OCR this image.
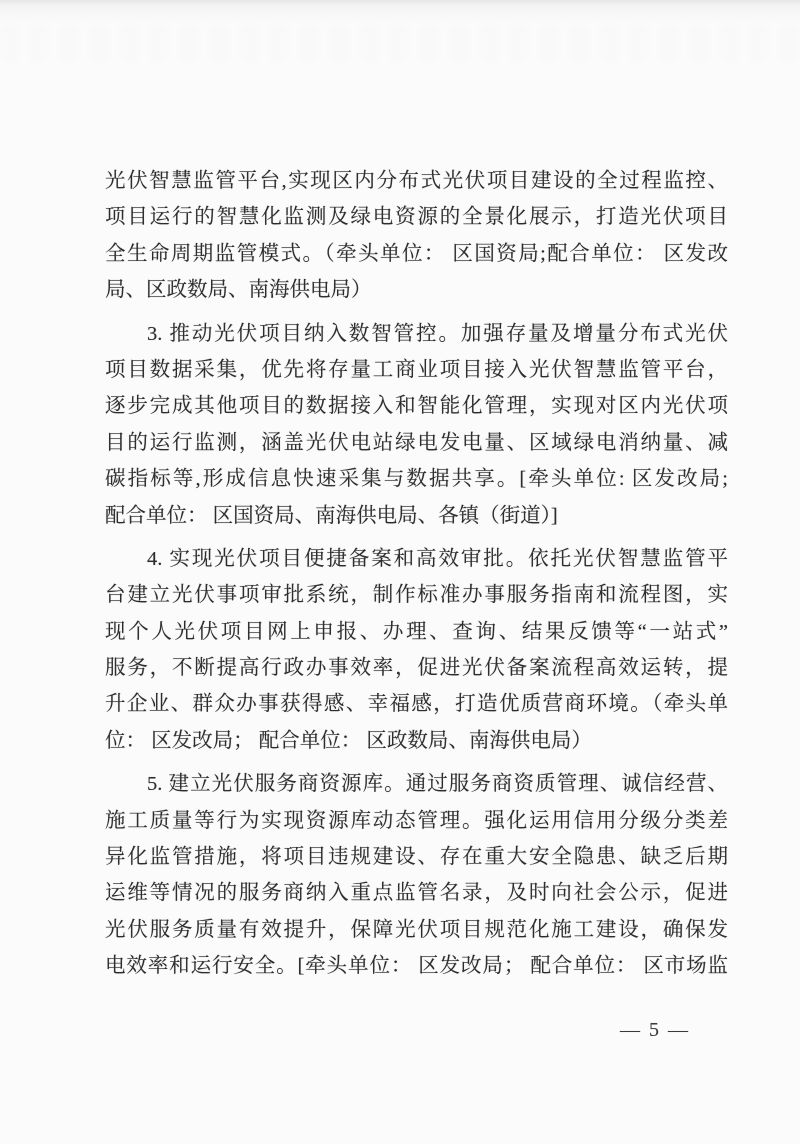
光伏智慧监管平台,实现区内分布式光伏项目建设的全过程监控、
项目运行的智慧化监测及绿电资源的全景化展示，打造光伏项目
全生命周期监管模式。（牵头单位： 区国资局;配合单位： 区发改
局、区政数局、南海供电局）
3. 推动光伏项目纳入数智管控。加强存量及增量分布式光伏
项目数据采集，优先将存量工商业项目接入光伏智慧监管平台，
逐步完成其他项目的数据接入和智能化管理，实现对区内光伏项
目的运行监测，涵盖光伏电站绿电发电量、区域绿电消纳量、减
碳指标等,形成信息快速采集与数据共享。[牵头单位: 区发改局;
配合单位： 区国资局、南海供电局、各镇（街道）]
4. 实现光伏项目便捷备案和高效审批。依托光伏智慧监管平
台建立光伏事项审批系统，制作标准办事服务指南和流程图，实
现个人光伏项目网上申报、办理、查询、结果反馈等“一站式”
服务，不断提高行政办事效率，促进光伏备案流程高效运转，提
升企业、群众办事获得感、幸福感，打造优质营商环境。（牵头单
位： 区发改局； 配合单位： 区政数局、南海供电局）
5. 建立光伏服务商资源库。通过服务商资质管理、诚信经营、
施工质量等行为实现资源库动态管理。强化运用信用分级分类差
异化监管措施，将项目违规建设、存在重大安全隐患、缺乏后期
运维等情况的服务商纳入重点监管名录，及时向社会公示，促进
光伏服务质量有效提升，保障光伏项目规范化施工建设，确保发
电效率和运行安全。[牵头单位： 区发改局； 配合单位： 区市场监
— 5 —
